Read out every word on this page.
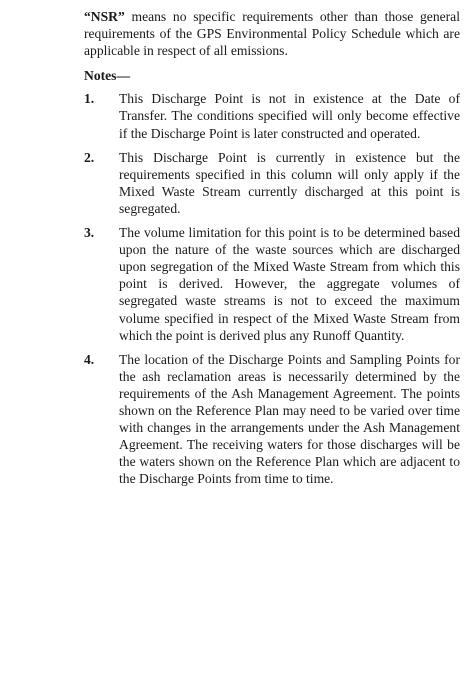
“NSR” means no specific requirements other than those general requirements of the GPS Environmental Policy Schedule which are applicable in respect of all emissions.

Notes—
1. This Discharge Point is not in existence at the Date of Transfer. The conditions specified will only become effective if the Discharge Point is later constructed and operated.
2. This Discharge Point is currently in existence but the requirements specified in this column will only apply if the Mixed Waste Stream currently discharged at this point is segregated.
3. The volume limitation for this point is to be determined based upon the nature of the waste sources which are discharged upon segregation of the Mixed Waste Stream from which this point is derived. However, the aggregate volumes of segregated waste streams is not to exceed the maximum volume specified in respect of the Mixed Waste Stream from which the point is derived plus any Runoff Quantity.
4. The location of the Discharge Points and Sampling Points for the ash reclamation areas is necessarily determined by the requirements of the Ash Management Agreement. The points shown on the Reference Plan may need to be varied over time with changes in the arrangements under the Ash Management Agreement. The receiving waters for those discharges will be the waters shown on the Reference Plan which are adjacent to the Discharge Points from time to time.
